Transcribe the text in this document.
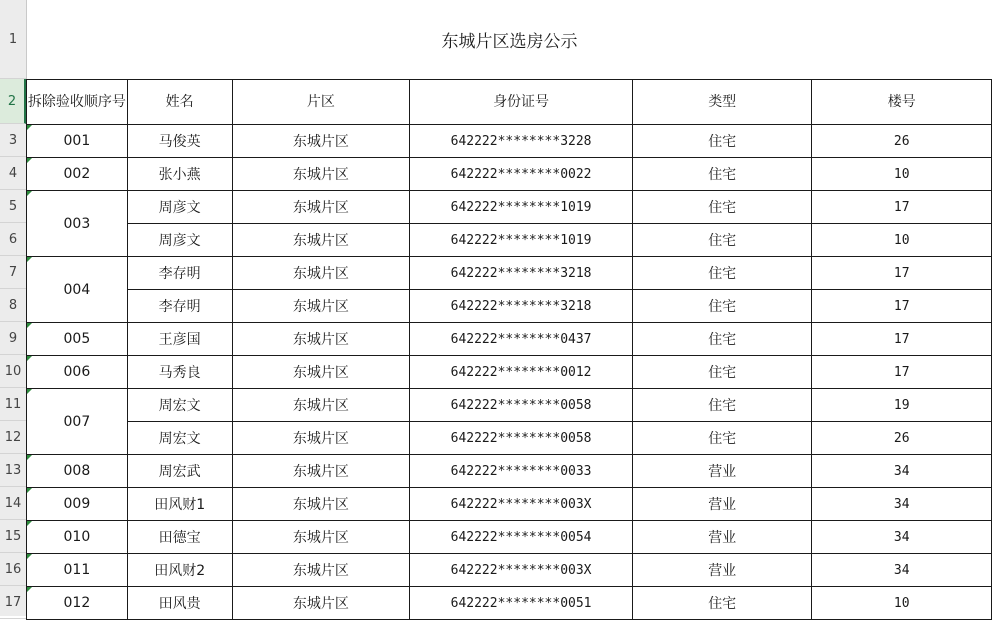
1
2
3
4
5
6
7
8
9
10
11
12
13
14
15
16
17
东城片区选房公示
拆除验收顺序号	姓名	片区	身份证号	类型	楼号

001	马俊英	东城片区	642222********3228	住宅	26

002	张小燕	东城片区	642222********0022	住宅	10

003	周彦文	东城片区	642222********1019	住宅	17
	周彦文	东城片区	642222********1019	住宅	10

004	李存明	东城片区	642222********3218	住宅	17
	李存明	东城片区	642222********3218	住宅	17

005	王彦国	东城片区	642222********0437	住宅	17

006	马秀良	东城片区	642222********0012	住宅	17

007	周宏文	东城片区	642222********0058	住宅	19
	周宏文	东城片区	642222********0058	住宅	26

008	周宏武	东城片区	642222********0033	营业	34

009	田风财1	东城片区	642222********003X	营业	34

010	田德宝	东城片区	642222********0054	营业	34

011	田风财2	东城片区	642222********003X	营业	34

012	田风贵	东城片区	642222********0051	住宅	10
